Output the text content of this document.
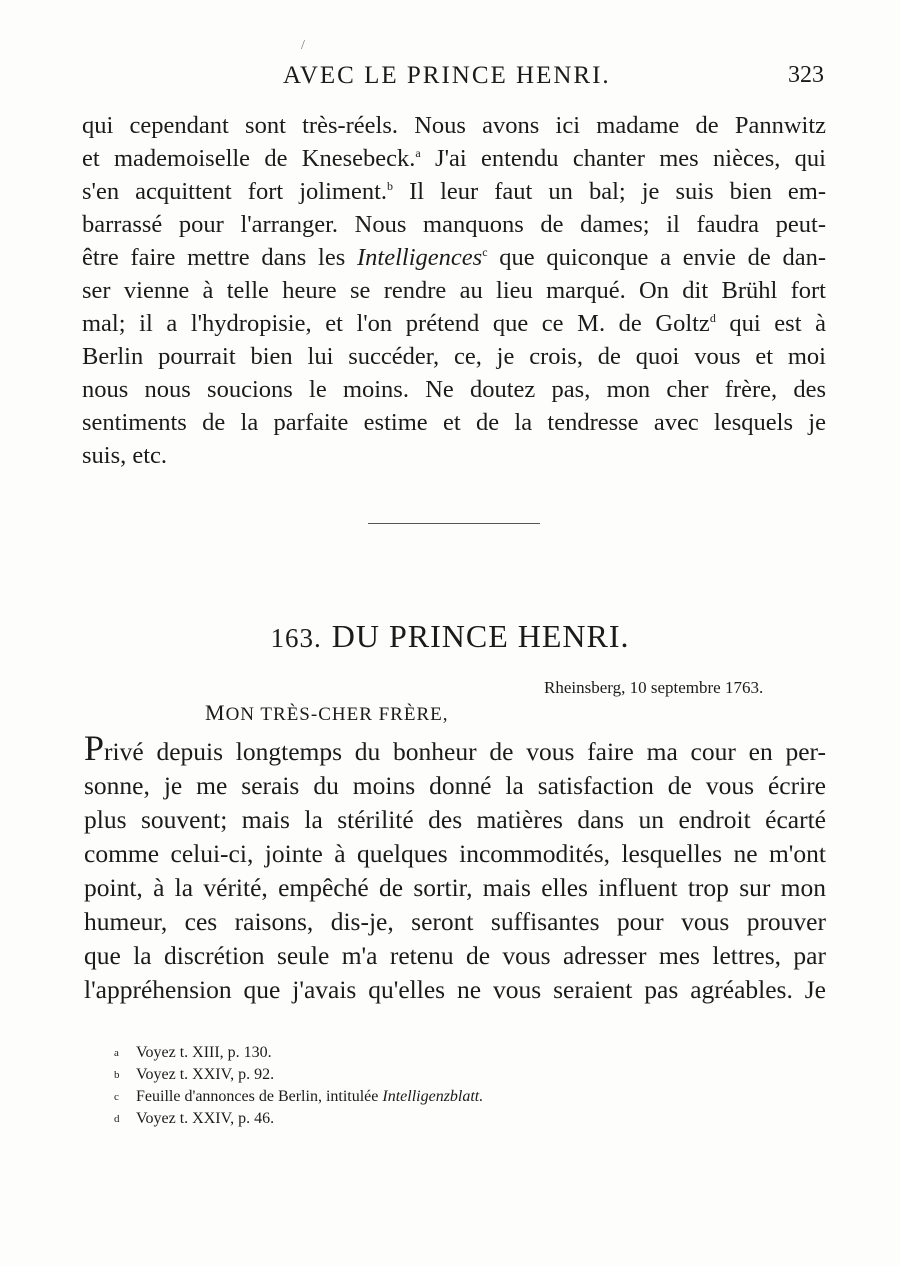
/
AVEC LE PRINCE HENRI.	323
qui cependant sont très-réels. Nous avons ici madame de Pannwitz
et mademoiselle de Knesebeck.$^a$ J'ai entendu chanter mes nièces, qui
s'en acquittent fort joliment.$^b$ Il leur faut un bal; je suis bien em-
barrassé pour l'arranger. Nous manquons de dames; il faudra peut-
être faire mettre dans les Intelligences$^c$ que quiconque a envie de dan-
ser vienne à telle heure se rendre au lieu marqué. On dit Brühl fort
mal; il a l'hydropisie, et l'on prétend que ce M. de Goltz$^d$ qui est à
Berlin pourrait bien lui succéder, ce, je crois, de quoi vous et moi
nous nous soucions le moins. Ne doutez pas, mon cher frère, des
sentiments de la parfaite estime et de la tendresse avec lesquels je
suis, etc.
163. DU PRINCE HENRI.
Rheinsberg, 10 septembre 1763.
MON TRÈS-CHER FRÈRE,
Privé depuis longtemps du bonheur de vous faire ma cour en per-
sonne, je me serais du moins donné la satisfaction de vous écrire
plus souvent; mais la stérilité des matières dans un endroit écarté
comme celui-ci, jointe à quelques incommodités, lesquelles ne m'ont
point, à la vérité, empêché de sortir, mais elles influent trop sur mon
humeur, ces raisons, dis-je, seront suffisantes pour vous prouver
que la discrétion seule m'a retenu de vous adresser mes lettres, par
l'appréhension que j'avais qu'elles ne vous seraient pas agréables. Je
a Voyez t. XIII, p. 130.
b Voyez t. XXIV, p. 92.
c Feuille d'annonces de Berlin, intitulée Intelligenzblatt.
d Voyez t. XXIV, p. 46.
